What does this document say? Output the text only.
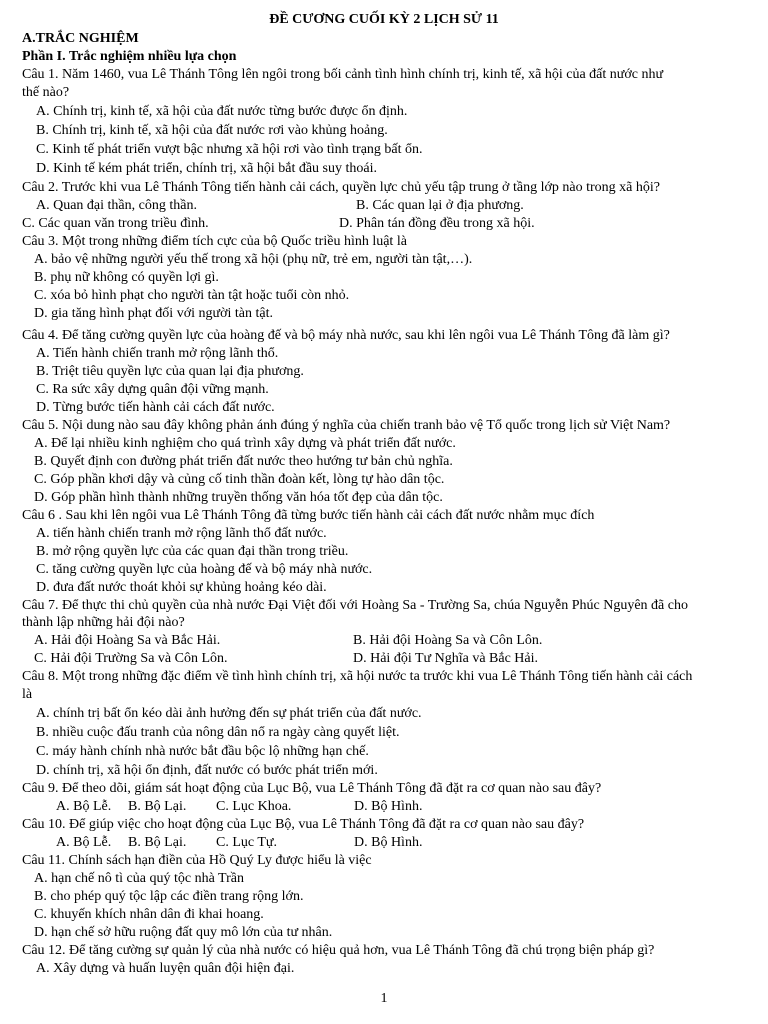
ĐỀ CƯƠNG CUỐI KỲ 2 LỊCH SỬ 11
A.TRẮC NGHIỆM
Phần I. Trắc nghiệm nhiều lựa chọn
Câu 1. Năm 1460, vua Lê Thánh Tông lên ngôi trong bối cảnh tình hình chính trị, kinh tế, xã hội của đất nước như
thế nào?
A. Chính trị, kinh tế, xã hội của đất nước từng bước được ổn định.
B. Chính trị, kinh tế, xã hội của đất nước rơi vào khủng hoảng.
C. Kinh tế phát triển vượt bậc nhưng xã hội rơi vào tình trạng bất ổn.
D. Kinh tế kém phát triển, chính trị, xã hội bắt đầu suy thoái.
Câu 2. Trước khi vua Lê Thánh Tông tiến hành cải cách, quyền lực chủ yếu tập trung ở tầng lớp nào trong xã hội?
A. Quan đại thần, công thần.	B. Các quan lại ở địa phương.
C. Các quan văn trong triều đình.	D. Phân tán đồng đều trong xã hội.
Câu 3. Một trong những điểm tích cực của bộ Quốc triều hình luật là
A. bảo vệ những người yếu thế trong xã hội (phụ nữ, trẻ em, người tàn tật,…).
B. phụ nữ không có quyền lợi gì.
C. xóa bỏ hình phạt cho người tàn tật hoặc tuổi còn nhỏ.
D. gia tăng hình phạt đối với người tàn tật.
Câu 4. Để tăng cường quyền lực của hoàng đế và bộ máy nhà nước, sau khi lên ngôi vua Lê Thánh Tông đã làm gì?
A. Tiến hành chiến tranh mở rộng lãnh thổ.
B. Triệt tiêu quyền lực của quan lại địa phương.
C. Ra sức xây dựng quân đội vững mạnh.
D. Từng bước tiến hành cải cách đất nước.
Câu 5. Nội dung nào sau đây không phản ánh đúng ý nghĩa của chiến tranh bảo vệ Tổ quốc trong lịch sử Việt Nam?
A. Để lại nhiều kinh nghiệm cho quá trình xây dựng và phát triển đất nước.
B. Quyết định con đường phát triển đất nước theo hướng tư bản chủ nghĩa.
C. Góp phần khơi dậy và củng cố tinh thần đoàn kết, lòng tự hào dân tộc.
D. Góp phần hình thành những truyền thống văn hóa tốt đẹp của dân tộc.
Câu 6 . Sau khi lên ngôi vua Lê Thánh Tông đã từng bước tiến hành cải cách đất nước nhằm mục đích
A. tiến hành chiến tranh mở rộng lãnh thổ đất nước.
B. mở rộng quyền lực của các quan đại thần trong triều.
C. tăng cường quyền lực của hoàng đế và bộ máy nhà nước.
D. đưa đất nước thoát khỏi sự khủng hoảng kéo dài.
Câu 7. Để thực thi chủ quyền của nhà nước Đại Việt đối với Hoàng Sa - Trường Sa, chúa Nguyễn Phúc Nguyên đã cho
thành lập những hải đội nào?
A. Hải đội Hoàng Sa và Bắc Hải.	B. Hải đội Hoàng Sa và Côn Lôn.
C. Hải đội Trường Sa và Côn Lôn.	D. Hải đội Tư Nghĩa và Bắc Hải.
Câu 8. Một trong những đặc điểm về tình hình chính trị, xã hội nước ta trước khi vua Lê Thánh Tông tiến hành cải cách
là
A. chính trị bất ổn kéo dài ảnh hưởng đến sự phát triển của đất nước.
B. nhiều cuộc đấu tranh của nông dân nổ ra ngày càng quyết liệt.
C. máy hành chính nhà nước bắt đầu bộc lộ những hạn chế.
D. chính trị, xã hội ổn định, đất nước có bước phát triển mới.
Câu 9. Để theo dõi, giám sát hoạt động của Lục Bộ, vua Lê Thánh Tông đã đặt ra cơ quan nào sau đây?
A. Bộ Lễ. B. Bộ Lại. C. Lục Khoa.	D. Bộ Hình.
Câu 10. Để giúp việc cho hoạt động của Lục Bộ, vua Lê Thánh Tông đã đặt ra cơ quan nào sau đây?
A. Bộ Lễ. B. Bộ Lại. C. Lục Tự.	D. Bộ Hình.
Câu 11. Chính sách hạn điền của Hồ Quý Ly được hiểu là việc
A. hạn chế nô tì của quý tộc nhà Trần
B. cho phép quý tộc lập các điền trang rộng lớn.
C. khuyến khích nhân dân đi khai hoang.
D. hạn chế sở hữu ruộng đất quy mô lớn của tư nhân.
Câu 12. Để tăng cường sự quản lý của nhà nước có hiệu quả hơn, vua Lê Thánh Tông đã chú trọng biện pháp gì?
A. Xây dựng và huấn luyện quân đội hiện đại.
1
